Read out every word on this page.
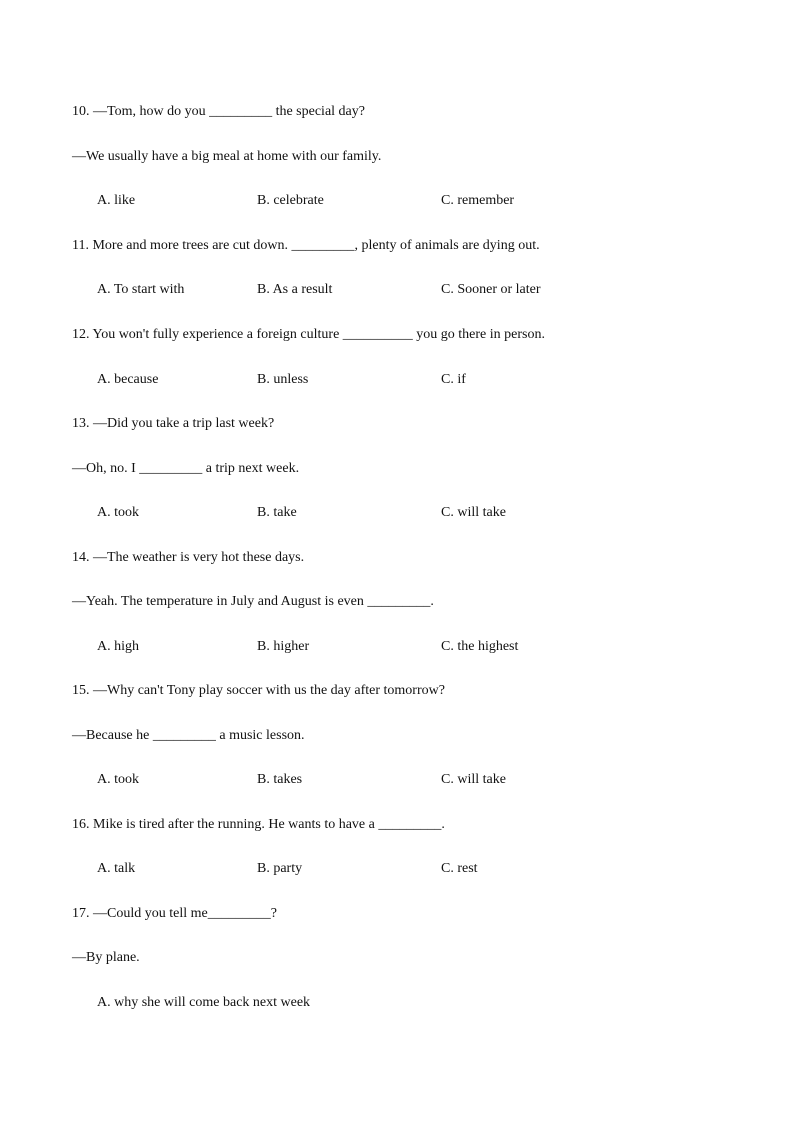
10. —Tom, how do you _________ the special day?
—We usually have a big meal at home with our family.
A. like	B. celebrate	C. remember
11. More and more trees are cut down. _________, plenty of animals are dying out.
A. To start with	B. As a result	C. Sooner or later
12. You won't fully experience a foreign culture __________ you go there in person.
A. because	B. unless	C. if
13. —Did you take a trip last week?
—Oh, no. I _________ a trip next week.
A. took	B. take	C. will take
14. —The weather is very hot these days.
—Yeah. The temperature in July and August is even _________.
A. high	B. higher	C. the highest
15. —Why can't Tony play soccer with us the day after tomorrow?
—Because he _________ a music lesson.
A. took	B. takes	C. will take
16. Mike is tired after the running. He wants to have a _________.
A. talk	B. party	C. rest
17. —Could you tell me_________?
—By plane.
A. why she will come back next week
